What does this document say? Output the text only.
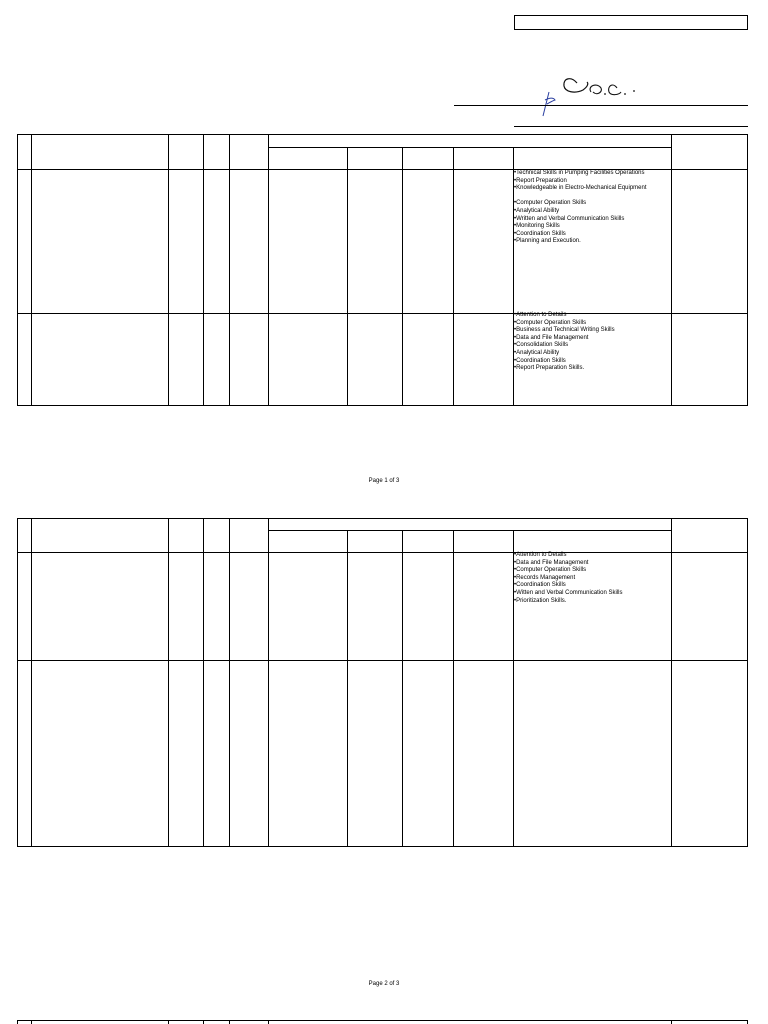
•Technical Skills in Pumping Facilities Operations
•Report Preparation
•Knowledgeable in Electro-Mechanical Equipment
•Computer Operation Skills
•Analytical Ability
•Written and Verbal Communication Skills
•Monitoring Skills
•Coordination Skills
•Planning and Execution.
•Attention to Details
•Computer Operation Skills
•Business and Technical Writing Skills
•Data and File Management
•Consolidation Skills
•Analytical Ability
•Coordination Skills
•Report Preparation Skills.
Page 1 of 3
•Attention to Details
•Data and File Management
•Computer Operation Skills
•Records Management
•Coordination Skills
•Witten and Verbal Communication Skills
•Prioritization Skills.
Page 2 of 3
